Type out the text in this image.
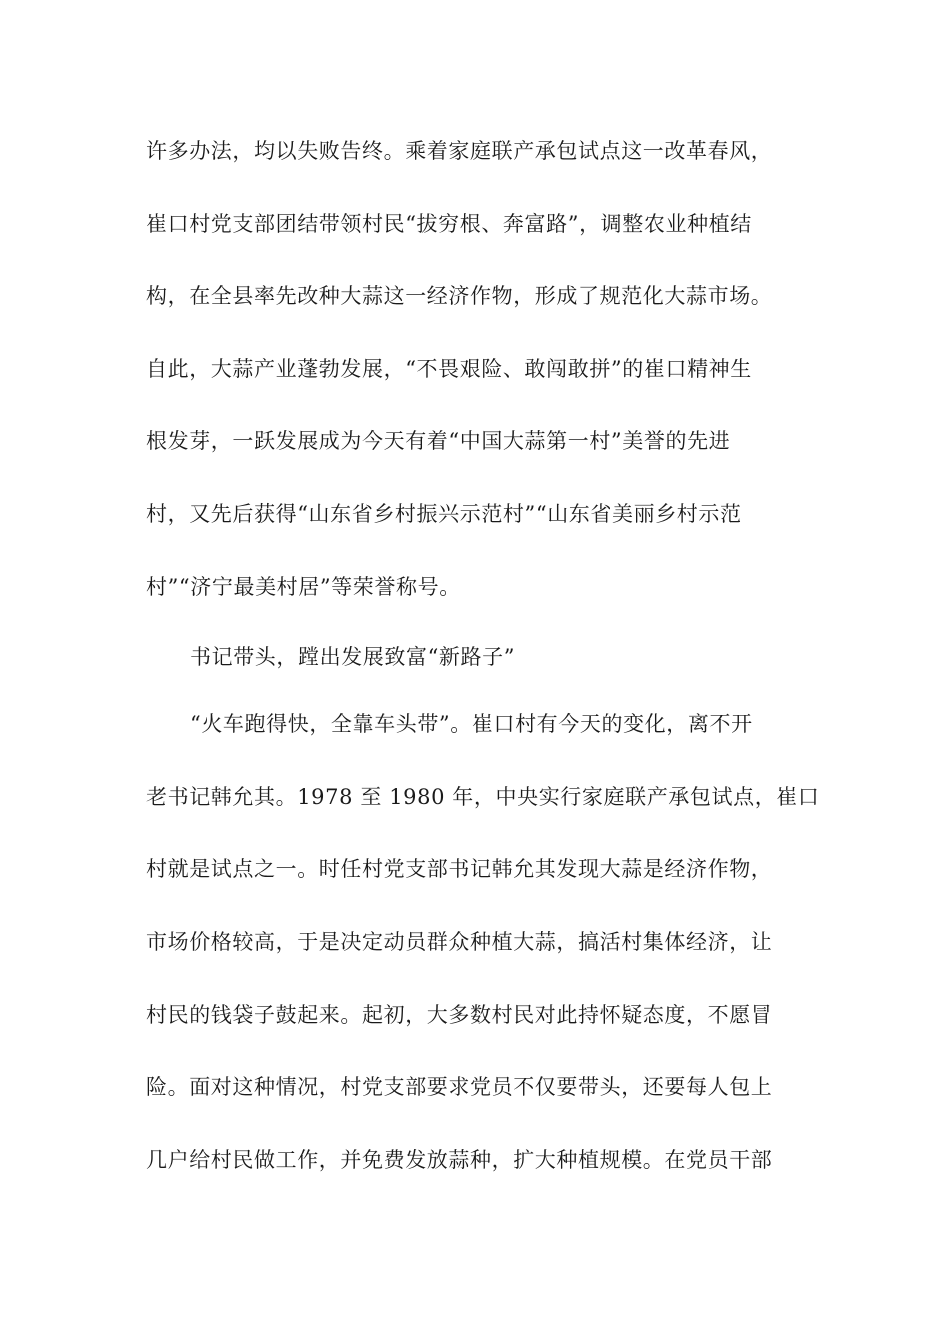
许多办法，均以失败告终。乘着家庭联产承包试点这一改革春风，
崔口村党支部团结带领村民“拔穷根、奔富路”，调整农业种植结
构，在全县率先改种大蒜这一经济作物，形成了规范化大蒜市场。
自此，大蒜产业蓬勃发展，“不畏艰险、敢闯敢拼”的崔口精神生
根发芽，一跃发展成为今天有着“中国大蒜第一村”美誉的先进
村，又先后获得“山东省乡村振兴示范村”“山东省美丽乡村示范
村”“济宁最美村居”等荣誉称号。
书记带头，蹚出发展致富“新路子”
“火车跑得快，全靠车头带”。崔口村有今天的变化，离不开
老书记韩允其。1978 至 1980 年，中央实行家庭联产承包试点，崔口
村就是试点之一。时任村党支部书记韩允其发现大蒜是经济作物，
市场价格较高，于是决定动员群众种植大蒜，搞活村集体经济，让
村民的钱袋子鼓起来。起初，大多数村民对此持怀疑态度，不愿冒
险。面对这种情况，村党支部要求党员不仅要带头，还要每人包上
几户给村民做工作，并免费发放蒜种，扩大种植规模。在党员干部
